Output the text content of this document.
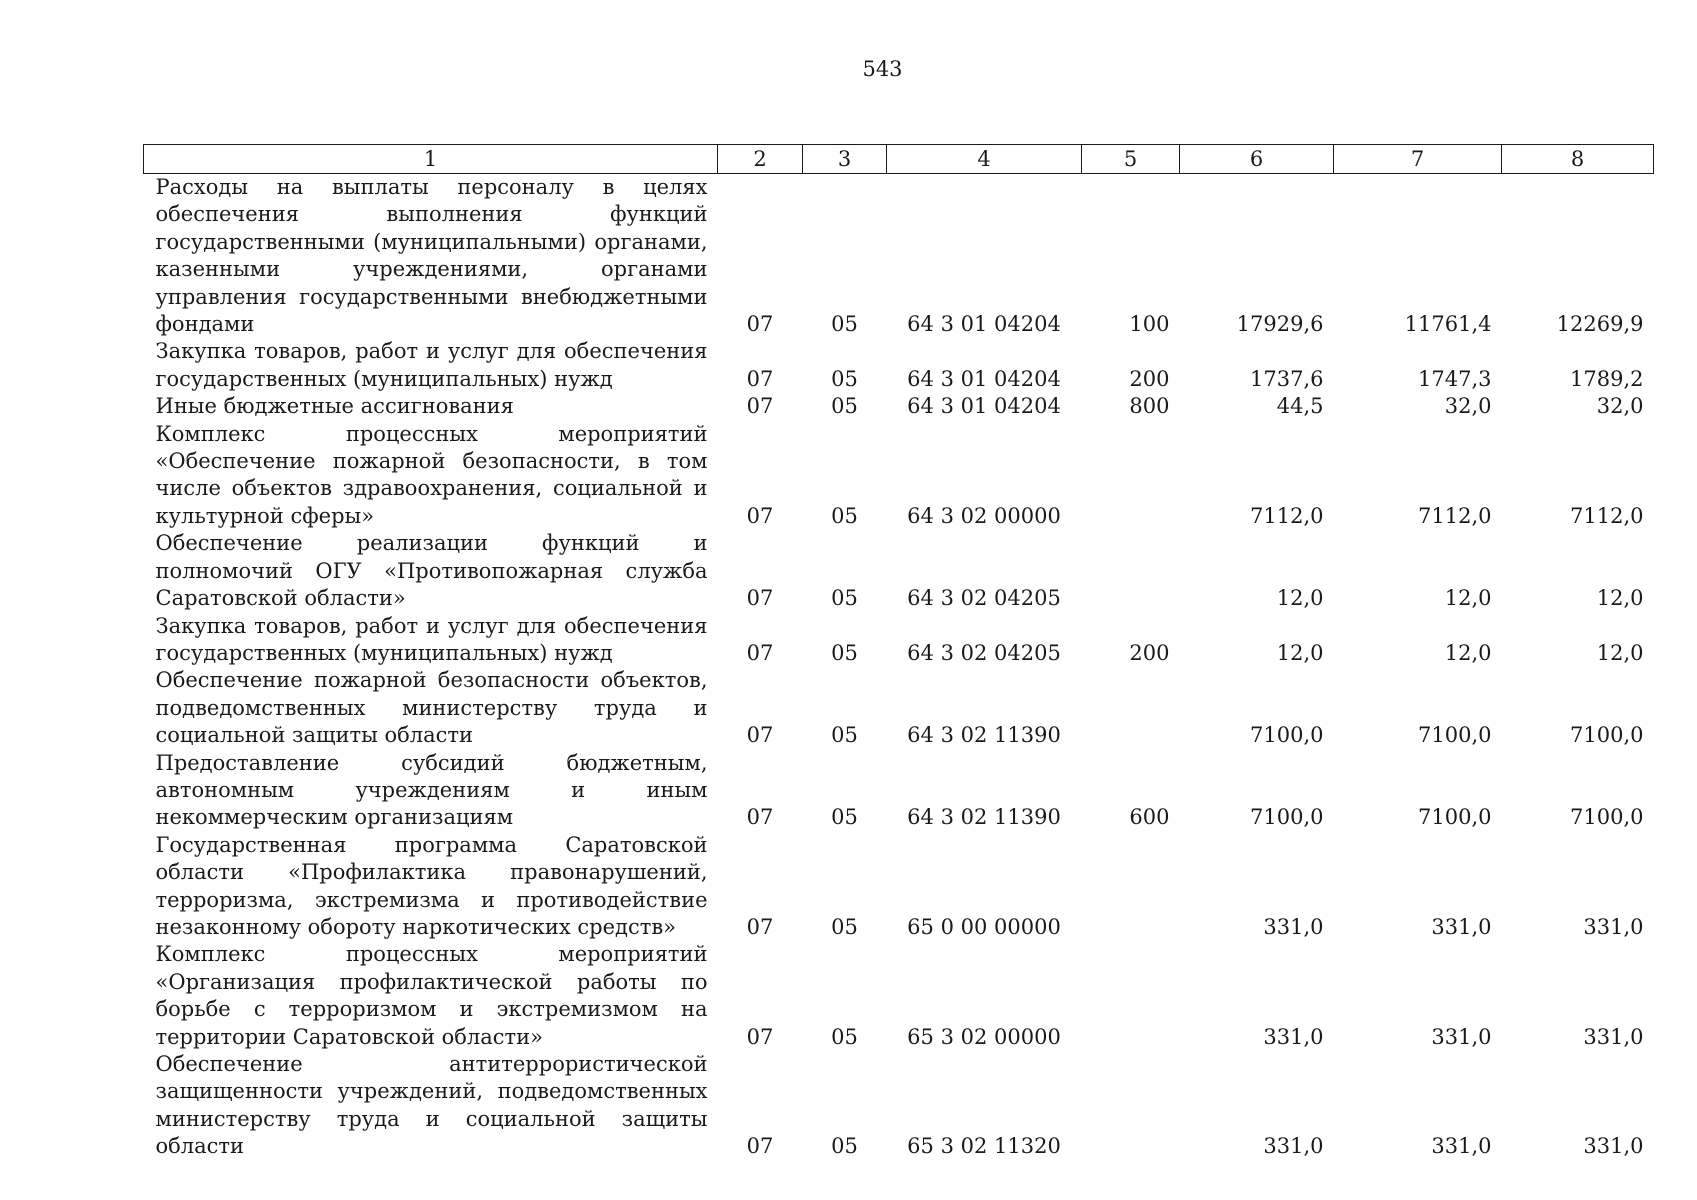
543
1	2	3	4	5	6	7	8
Расходы на выплаты персоналу в целях обеспечения выполнения функций государственными (муниципальными) органами, казенными учреждениями, органами управления государственными внебюджетными фондами	07	05	64 3 01 04204	100	17929,6	11761,4	12269,9
Закупка товаров, работ и услуг для обеспечения государственных (муниципальных) нужд	07	05	64 3 01 04204	200	1737,6	1747,3	1789,2
Иные бюджетные ассигнования	07	05	64 3 01 04204	800	44,5	32,0	32,0
Комплекс процессных мероприятий «Обеспечение пожарной безопасности, в том числе объектов здравоохранения, социальной и культурной сферы»	07	05	64 3 02 00000		7112,0	7112,0	7112,0
Обеспечение реализации функций и полномочий ОГУ «Противопожарная служба Саратовской области»	07	05	64 3 02 04205		12,0	12,0	12,0
Закупка товаров, работ и услуг для обеспечения государственных (муниципальных) нужд	07	05	64 3 02 04205	200	12,0	12,0	12,0
Обеспечение пожарной безопасности объектов, подведомственных министерству труда и социальной защиты области	07	05	64 3 02 11390		7100,0	7100,0	7100,0
Предоставление субсидий бюджетным, автономным учреждениям и иным некоммерческим организациям	07	05	64 3 02 11390	600	7100,0	7100,0	7100,0
Государственная программа Саратовской области «Профилактика правонарушений, терроризма, экстремизма и противодействие незаконному обороту наркотических средств»	07	05	65 0 00 00000		331,0	331,0	331,0
Комплекс процессных мероприятий «Организация профилактической работы по борьбе с терроризмом и экстремизмом на территории Саратовской области»	07	05	65 3 02 00000		331,0	331,0	331,0
Обеспечение антитеррористической защищенности учреждений, подведомственных министерству труда и социальной защиты области	07	05	65 3 02 11320		331,0	331,0	331,0
